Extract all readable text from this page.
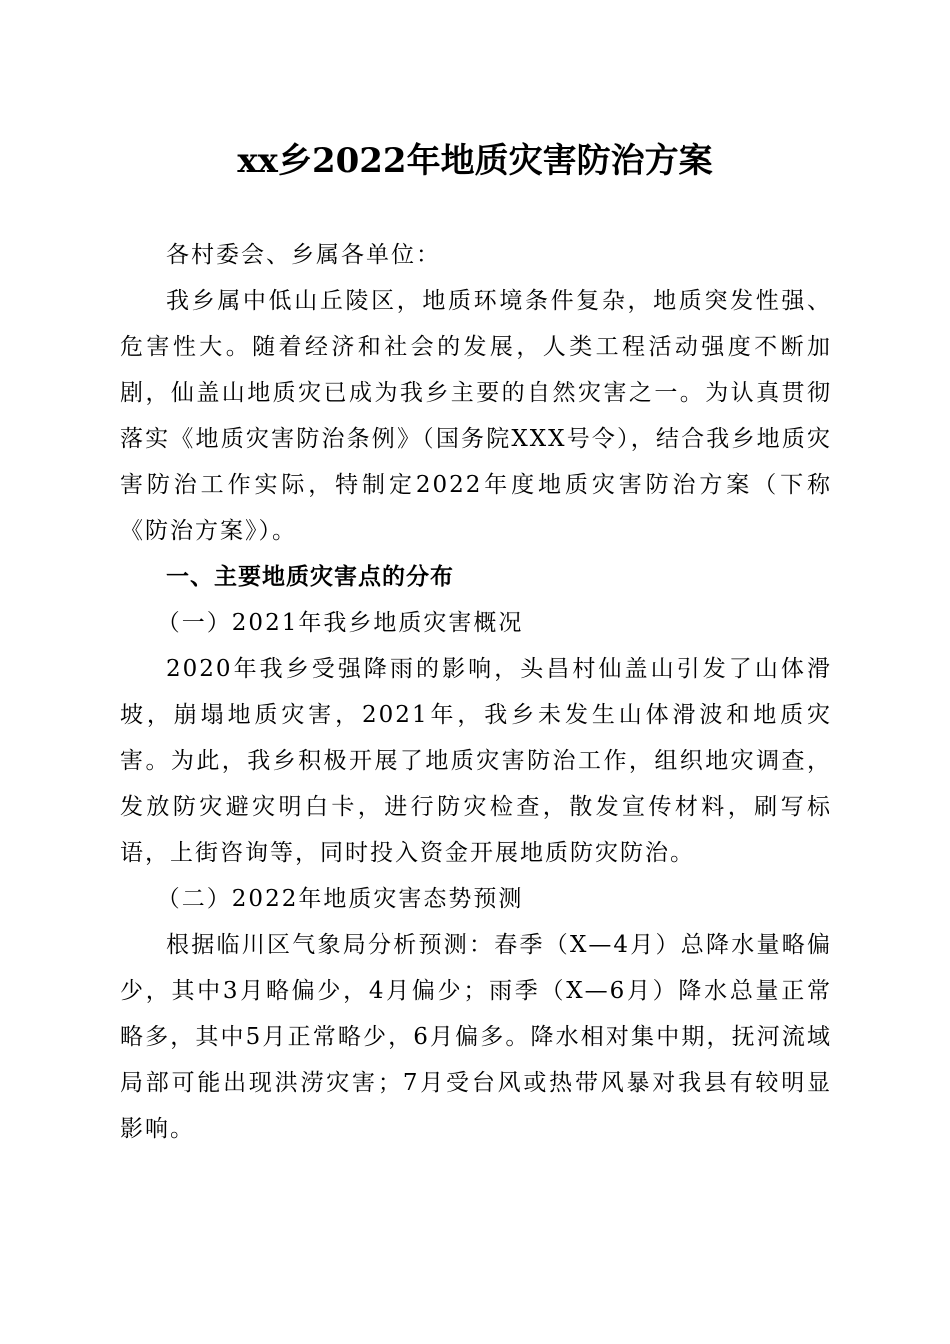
xx乡2022年地质灾害防治方案

各村委会、乡属各单位：

我乡属中低山丘陵区，地质环境条件复杂，地质突发性强、危害性大。随着经济和社会的发展，人类工程活动强度不断加剧，仙盖山地质灾已成为我乡主要的自然灾害之一。为认真贯彻落实《地质灾害防治条例》（国务院XXX号令），结合我乡地质灾害防治工作实际，特制定2022年度地质灾害防治方案（下称《防治方案》）。

一、主要地质灾害点的分布

（一）2021年我乡地质灾害概况

2020年我乡受强降雨的影响，头昌村仙盖山引发了山体滑坡，崩塌地质灾害，2021年，我乡未发生山体滑波和地质灾害。为此，我乡积极开展了地质灾害防治工作，组织地灾调查，发放防灾避灾明白卡，进行防灾检查，散发宣传材料，刷写标语，上街咨询等，同时投入资金开展地质防灾防治。

（二）2022年地质灾害态势预测

根据临川区气象局分析预测：春季（X—4月）总降水量略偏少，其中3月略偏少，4月偏少；雨季（X—6月）降水总量正常略多，其中5月正常略少，6月偏多。降水相对集中期，抚河流域局部可能出现洪涝灾害；7月受台风或热带风暴对我县有较明显影响。
